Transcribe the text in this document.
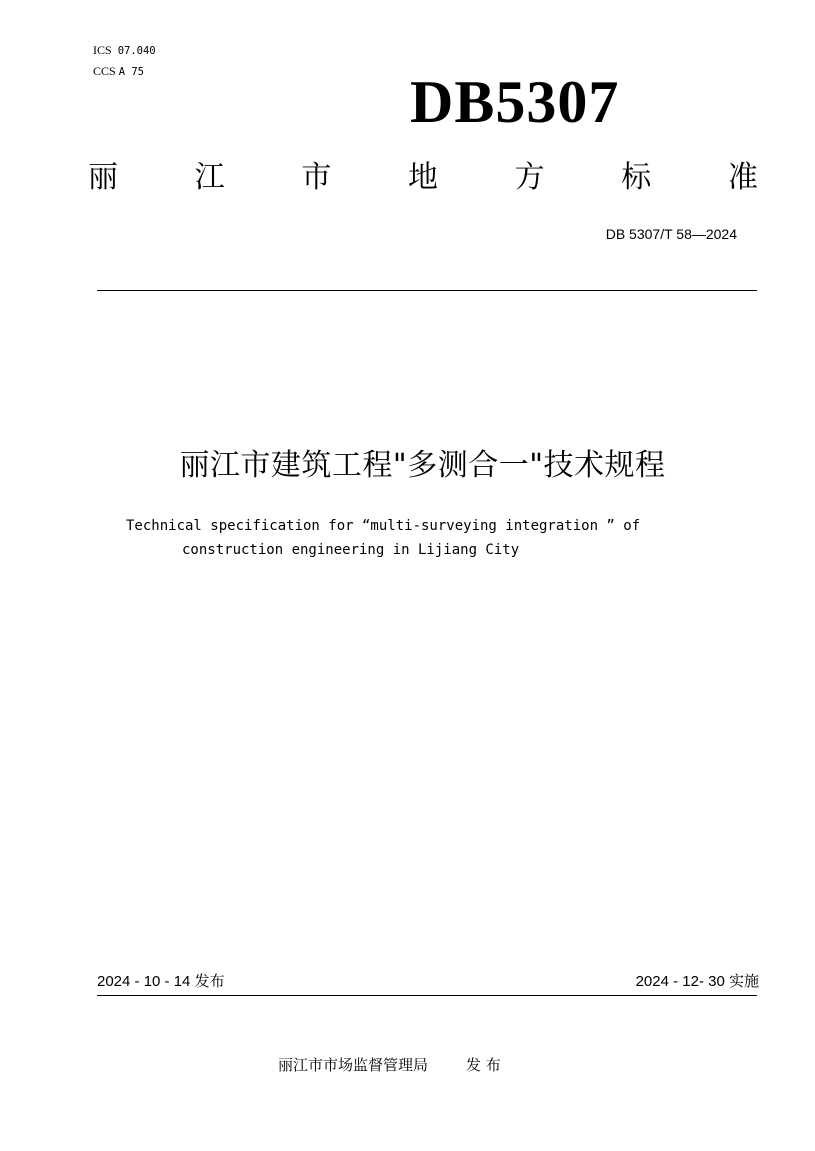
ICS 07.040
CCS A 75	DB5307
丽	江	市	地	方	标	准
DB 5307/T 58—2024
丽江市建筑工程"多测合一"技术规程
Technical specification for “multi-surveying integration ” of
construction engineering in Lijiang City
2024 - 10 - 14 发布	2024 - 12- 30 实施
丽江市市场监督管理局	发 布
